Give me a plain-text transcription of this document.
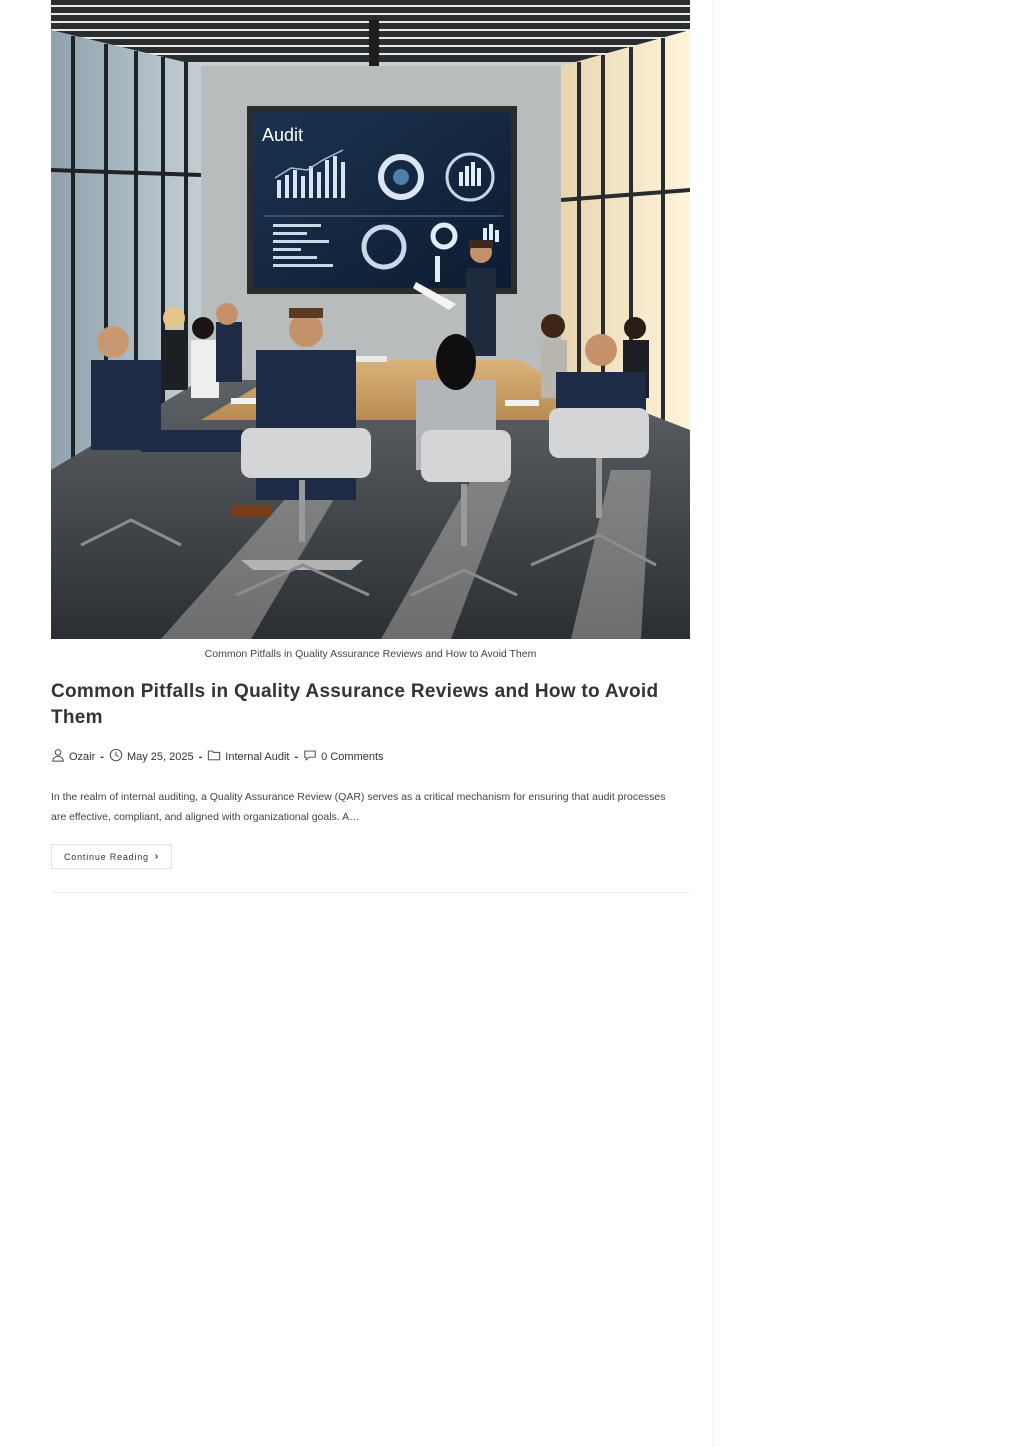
Audit
Common Pitfalls in Quality Assurance Reviews and How to Avoid Them
Common Pitfalls in Quality Assurance Reviews and How to Avoid Them
Ozair - May 25, 2025 - Internal Audit - 0 Comments
In the realm of internal auditing, a Quality Assurance Review (QAR) serves as a critical mechanism for ensuring that audit processes are effective, compliant, and aligned with organizational goals. A…
Continue Reading ›
